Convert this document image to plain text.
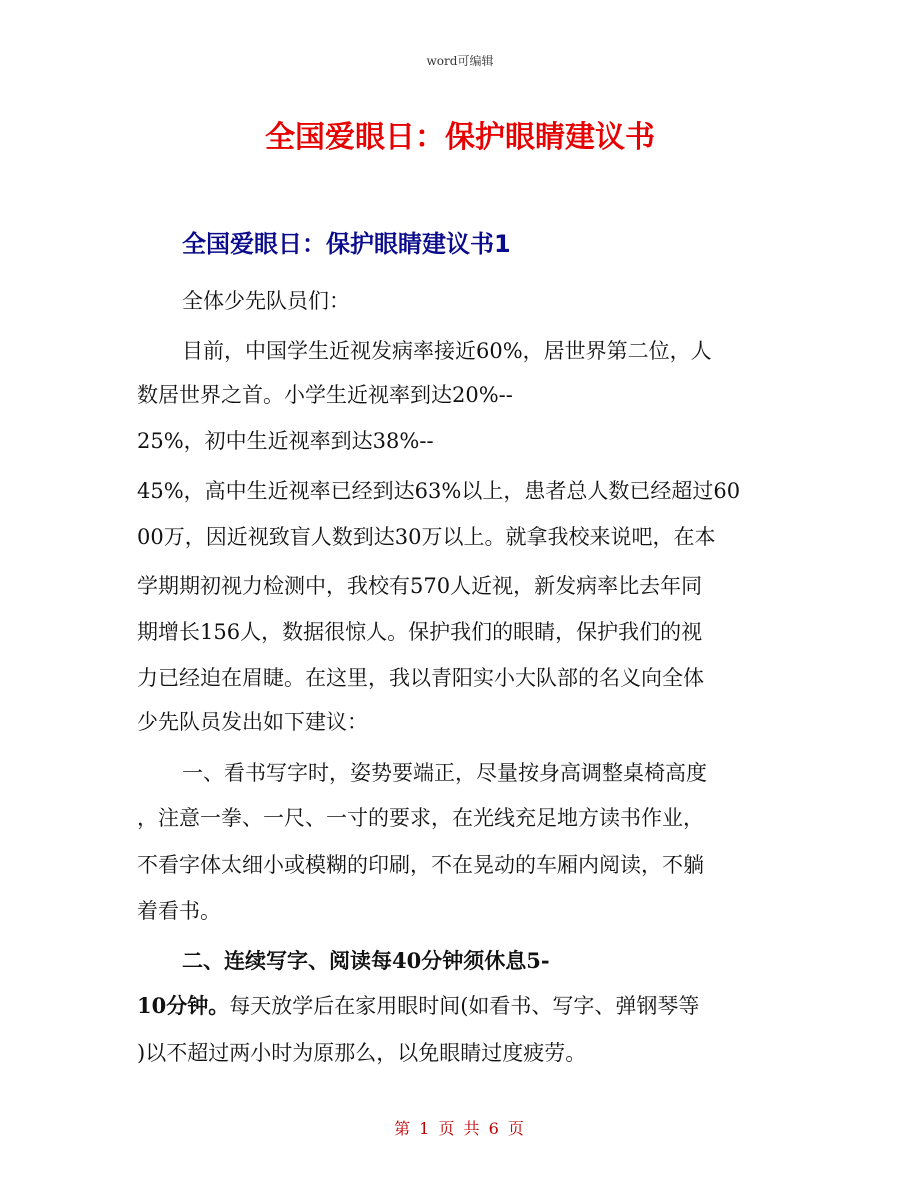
word可编辑
全国爱眼日：保护眼睛建议书
全国爱眼日：保护眼睛建议书1
全体少先队员们：
目前，中国学生近视发病率接近60%，居世界第二位，人
数居世界之首。小学生近视率到达20%--
25%，初中生近视率到达38%--
45%，高中生近视率已经到达63%以上，患者总人数已经超过60
00万，因近视致盲人数到达30万以上。就拿我校来说吧，在本
学期期初视力检测中，我校有570人近视，新发病率比去年同
期增长156人，数据很惊人。保护我们的眼睛，保护我们的视
力已经迫在眉睫。在这里，我以青阳实小大队部的名义向全体
少先队员发出如下建议：
一、看书写字时，姿势要端正，尽量按身高调整桌椅高度
，注意一拳、一尺、一寸的要求，在光线充足地方读书作业，
不看字体太细小或模糊的印刷，不在晃动的车厢内阅读，不躺
着看书。
二、连续写字、阅读每40分钟须休息5-
10分钟。每天放学后在家用眼时间(如看书、写字、弹钢琴等
)以不超过两小时为原那么，以免眼睛过度疲劳。
第 1 页 共 6 页
